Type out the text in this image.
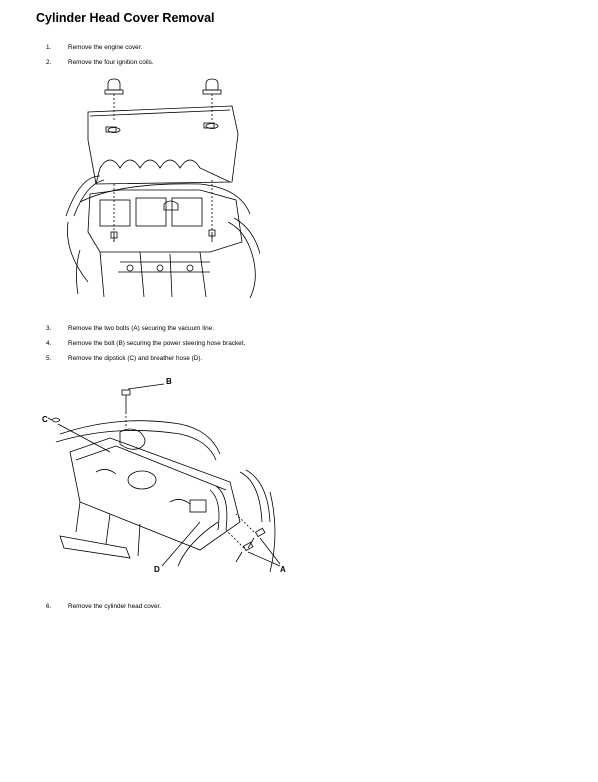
Cylinder Head Cover Removal
1.	Remove the engine cover.
2.	Remove the four ignition coils.
3.	Remove the two bolts (A) securing the vacuum line.
4.	Remove the bolt (B) securing the power steering hose bracket.
5.	Remove the dipstick (C) and breather hose (D).
B
C
D	A
6.	Remove the cylinder head cover.
